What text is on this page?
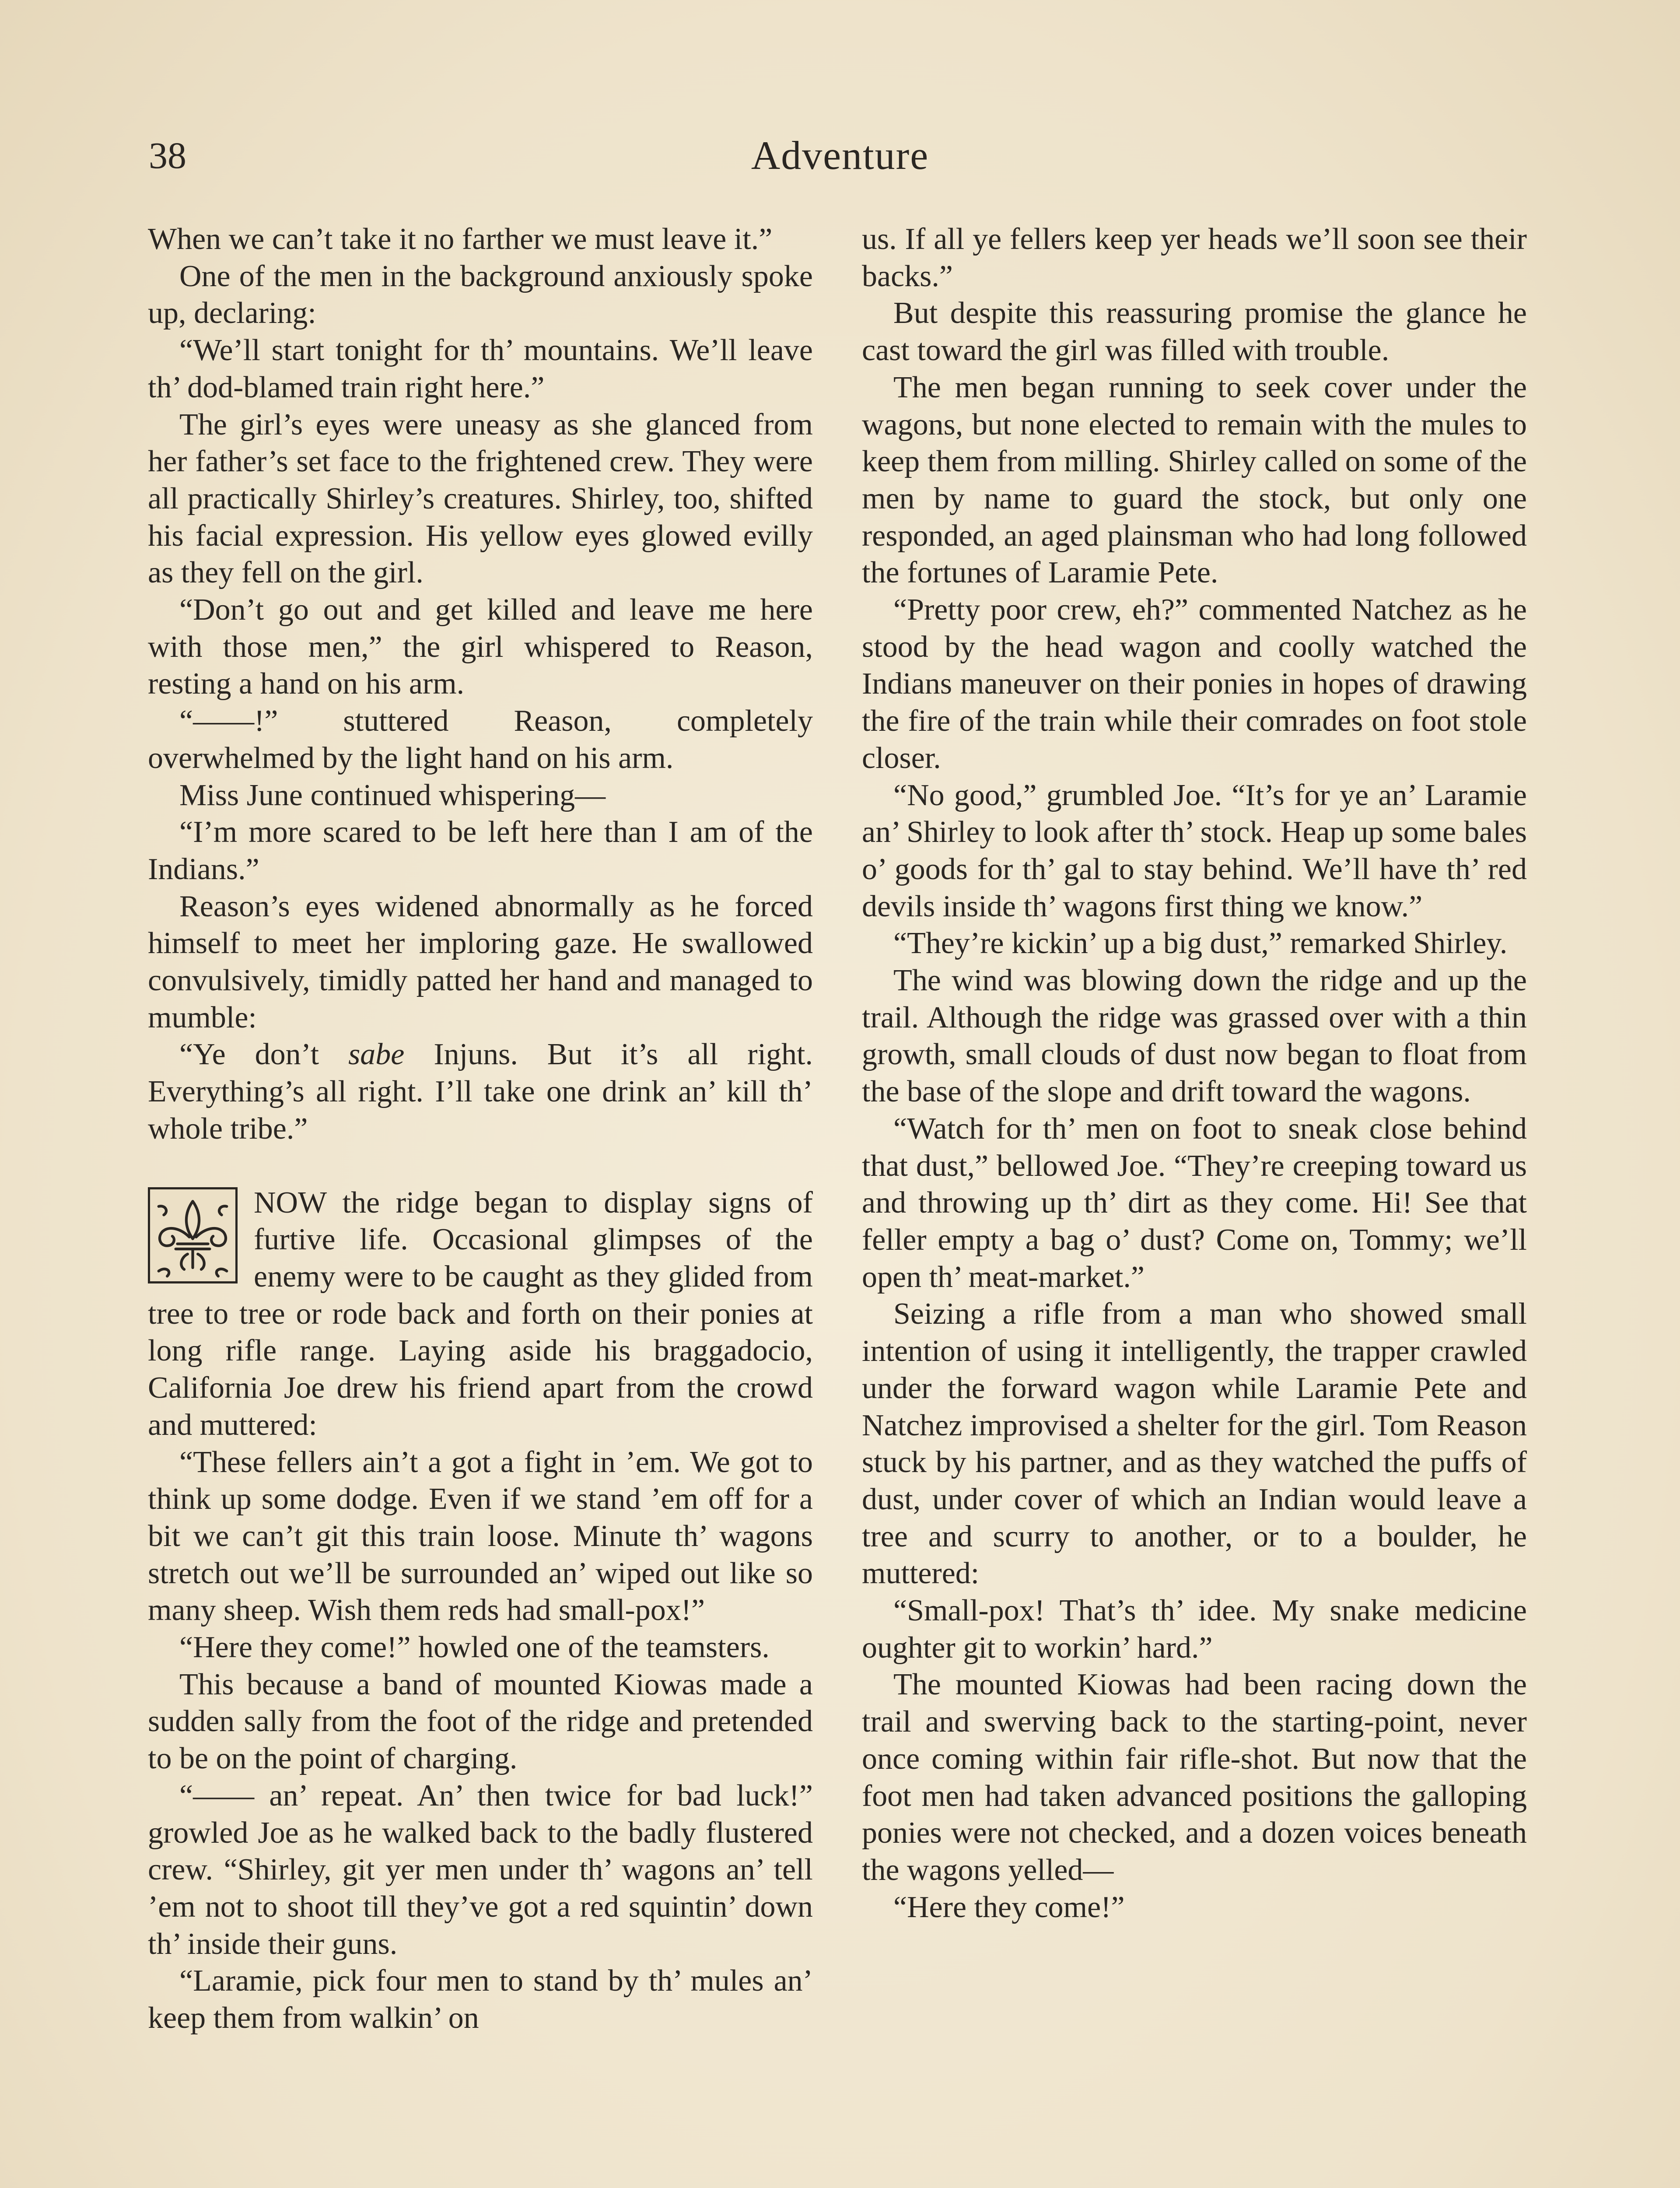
38	Adventure

When we can’t take it no farther we must leave it.”

One of the men in the background anxiously spoke up, declaring:

“We’ll start tonight for th’ mountains. We’ll leave th’ dod-blamed train right here.”

The girl’s eyes were uneasy as she glanced from her father’s set face to the frightened crew. They were all practically Shirley’s creatures. Shirley, too, shifted his facial expression. His yellow eyes glowed evilly as they fell on the girl.

“Don’t go out and get killed and leave me here with those men,” the girl whispered to Reason, resting a hand on his arm.

“——!” stuttered Reason, completely overwhelmed by the light hand on his arm.

Miss June continued whispering—

“I’m more scared to be left here than I am of the Indians.”

Reason’s eyes widened abnormally as he forced himself to meet her imploring gaze. He swallowed convulsively, timidly patted her hand and managed to mumble:

“Ye don’t sabe Injuns. But it’s all right. Everything’s all right. I’ll take one drink an’ kill th’ whole tribe.”

NOW the ridge began to display signs of furtive life. Occasional glimpses of the enemy were to be caught as they glided from tree to tree or rode back and forth on their ponies at long rifle range. Laying aside his braggadocio, California Joe drew his friend apart from the crowd and muttered:

“These fellers ain’t a got a fight in ’em. We got to think up some dodge. Even if we stand ’em off for a bit we can’t git this train loose. Minute th’ wagons stretch out we’ll be surrounded an’ wiped out like so many sheep. Wish them reds had small-pox!”

“Here they come!” howled one of the teamsters.

This because a band of mounted Kiowas made a sudden sally from the foot of the ridge and pretended to be on the point of charging.

“—— an’ repeat. An’ then twice for bad luck!” growled Joe as he walked back to the badly flustered crew. “Shirley, git yer men under th’ wagons an’ tell ’em not to shoot till they’ve got a red squintin’ down th’ inside their guns.

“Laramie, pick four men to stand by th’ mules an’ keep them from walkin’ on

us. If all ye fellers keep yer heads we’ll soon see their backs.”

But despite this reassuring promise the glance he cast toward the girl was filled with trouble.

The men began running to seek cover under the wagons, but none elected to remain with the mules to keep them from milling. Shirley called on some of the men by name to guard the stock, but only one responded, an aged plainsman who had long followed the fortunes of Laramie Pete.

“Pretty poor crew, eh?” commented Natchez as he stood by the head wagon and coolly watched the Indians maneuver on their ponies in hopes of drawing the fire of the train while their comrades on foot stole closer.

“No good,” grumbled Joe. “It’s for ye an’ Laramie an’ Shirley to look after th’ stock. Heap up some bales o’ goods for th’ gal to stay behind. We’ll have th’ red devils inside th’ wagons first thing we know.”

“They’re kickin’ up a big dust,” remarked Shirley.

The wind was blowing down the ridge and up the trail. Although the ridge was grassed over with a thin growth, small clouds of dust now began to float from the base of the slope and drift toward the wagons.

“Watch for th’ men on foot to sneak close behind that dust,” bellowed Joe. “They’re creeping toward us and throwing up th’ dirt as they come. Hi! See that feller empty a bag o’ dust? Come on, Tommy; we’ll open th’ meat-market.”

Seizing a rifle from a man who showed small intention of using it intelligently, the trapper crawled under the forward wagon while Laramie Pete and Natchez improvised a shelter for the girl. Tom Reason stuck by his partner, and as they watched the puffs of dust, under cover of which an Indian would leave a tree and scurry to another, or to a boulder, he muttered:

“Small-pox! That’s th’ idee. My snake medicine oughter git to workin’ hard.”

The mounted Kiowas had been racing down the trail and swerving back to the starting-point, never once coming within fair rifle-shot. But now that the foot men had taken advanced positions the galloping ponies were not checked, and a dozen voices beneath the wagons yelled—

“Here they come!”
